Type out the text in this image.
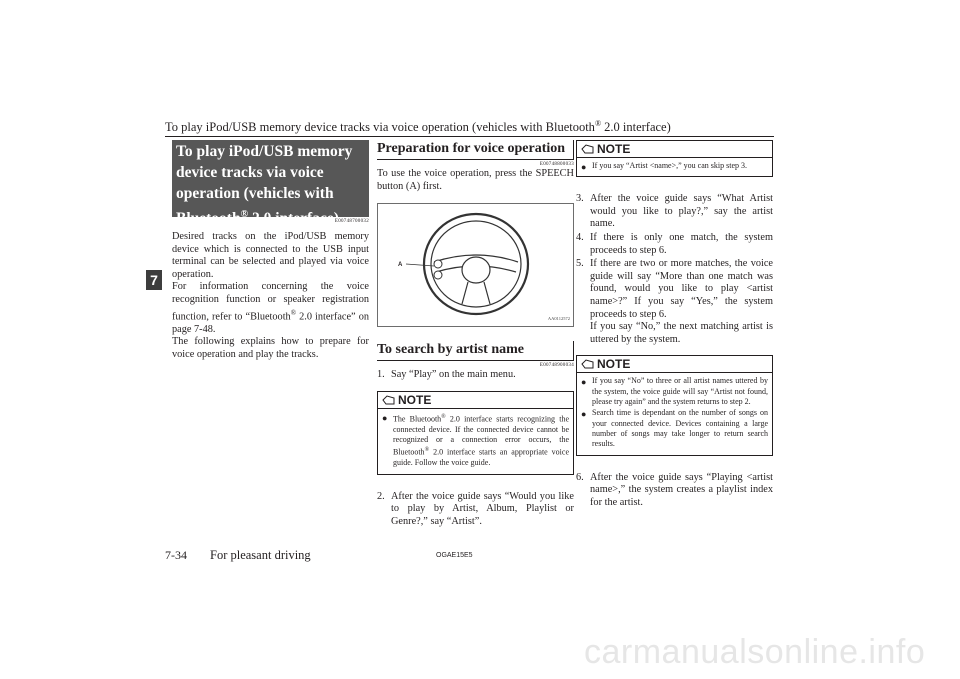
To play iPod/USB memory device tracks via voice operation (vehicles with Bluetooth® 2.0 interface)
7
To play iPod/USB memory
device tracks via voice
operation (vehicles with
Bluetooth® 2.0 interface)
E00748700032

Desired tracks on the iPod/USB memory device which is connected to the USB input terminal can be selected and played via voice operation.

For information concerning the voice recognition function or speaker registration function, refer to “Bluetooth® 2.0 interface” on page 7-48.

The following explains how to prepare for voice operation and play the tracks.

Preparation for voice operation
E00748800033

To use the voice operation, press the SPEECH button (A) first.

A
AA0112572
To search by artist name
E00748900034
1. Say “Play” on the main menu.
NOTE
● The Bluetooth® 2.0 interface starts recognizing the connected device. If the connected device cannot be recognized or a connection error occurs, the Bluetooth® 2.0 interface starts an appropriate voice guide. Follow the voice guide.
2. After the voice guide says “Would you like to play by Artist, Album, Playlist or Genre?,” say “Artist”.
NOTE
● If you say “Artist <name>,” you can skip step 3.
3. After the voice guide says “What Artist would you like to play?,” say the artist name.
4. If there is only one match, the system proceeds to step 6.
5. If there are two or more matches, the voice guide will say “More than one match was found, would you like to play <artist name>?” If you say “Yes,” the system proceeds to step 6.
If you say “No,” the next matching artist is uttered by the system.
NOTE
● If you say “No” to three or all artist names uttered by the system, the voice guide will say “Artist not found, please try again” and the system returns to step 2.
● Search time is dependant on the number of songs on your connected device. Devices containing a large number of songs may take longer to return search results.
6. After the voice guide says “Playing <artist name>,” the system creates a playlist index for the artist.
7-34 For pleasant driving	OGAE15E5
carmanualsonline.info
